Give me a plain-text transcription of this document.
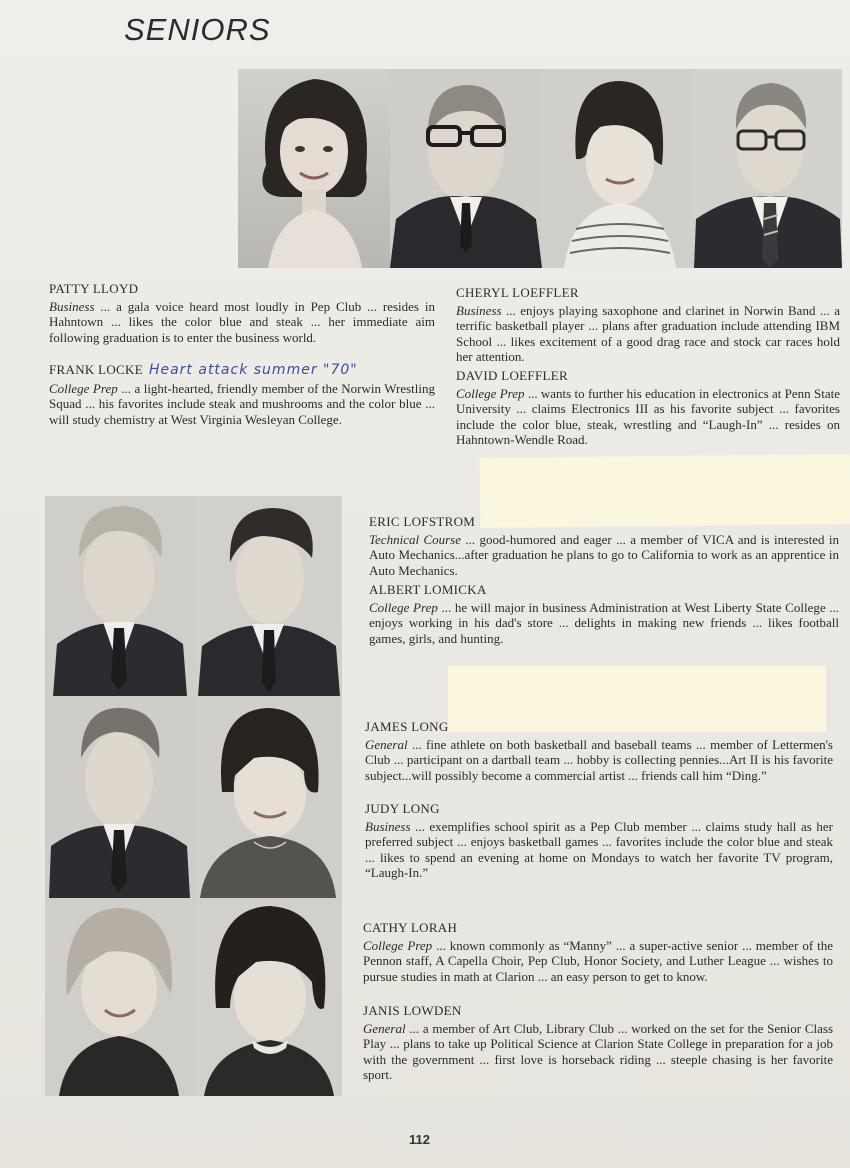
SENIORS
PATTY LLOYD
Business ... a gala voice heard most loudly in Pep Club ... resides in Hahntown ... likes the color blue and steak ... her immediate aim following graduation is to enter the business world.
FRANK LOCKE Heart attack summer "70"
College Prep ... a light-hearted, friendly member of the Norwin Wrestling Squad ... his favorites include steak and mushrooms and the color blue ... will study chemistry at West Virginia Wesleyan College.
CHERYL LOEFFLER
Business ... enjoys playing saxophone and clarinet in Norwin Band ... a terrific basketball player ... plans after graduation include attending IBM School ... likes excitement of a good drag race and stock car races hold her attention.
DAVID LOEFFLER
College Prep ... wants to further his education in electronics at Penn State University ... claims Electronics III as his favorite subject ... favorites include the color blue, steak, wrestling and “Laugh-In” ... resides on Hahntown-Wendle Road.
ERIC LOFSTROM
Technical Course ... good-humored and eager ... a member of VICA and is interested in Auto Mechanics...after graduation he plans to go to California to work as an apprentice in Auto Mechanics.
ALBERT LOMICKA
College Prep ... he will major in business Administration at West Liberty State College ... enjoys working in his dad's store ... delights in making new friends ... likes football games, girls, and hunting.
JAMES LONG
General ... fine athlete on both basketball and baseball teams ... member of Lettermen's Club ... participant on a dartball team ... hobby is collecting pennies...Art II is his favorite subject...will possibly become a commercial artist ... friends call him “Ding.”
JUDY LONG
Business ... exemplifies school spirit as a Pep Club member ... claims study hall as her preferred subject ... enjoys basketball games ... favorites include the color blue and steak ... likes to spend an evening at home on Mondays to watch her favorite TV program, “Laugh-In.”
CATHY LORAH
College Prep ... known commonly as “Manny” ... a super-active senior ... member of the Pennon staff, A Capella Choir, Pep Club, Honor Society, and Luther League ... wishes to pursue studies in math at Clarion ... an easy person to get to know.
JANIS LOWDEN
General ... a member of Art Club, Library Club ... worked on the set for the Senior Class Play ... plans to take up Political Science at Clarion State College in preparation for a job with the government ... first love is horseback riding ... steeple chasing is her favorite sport.
112
